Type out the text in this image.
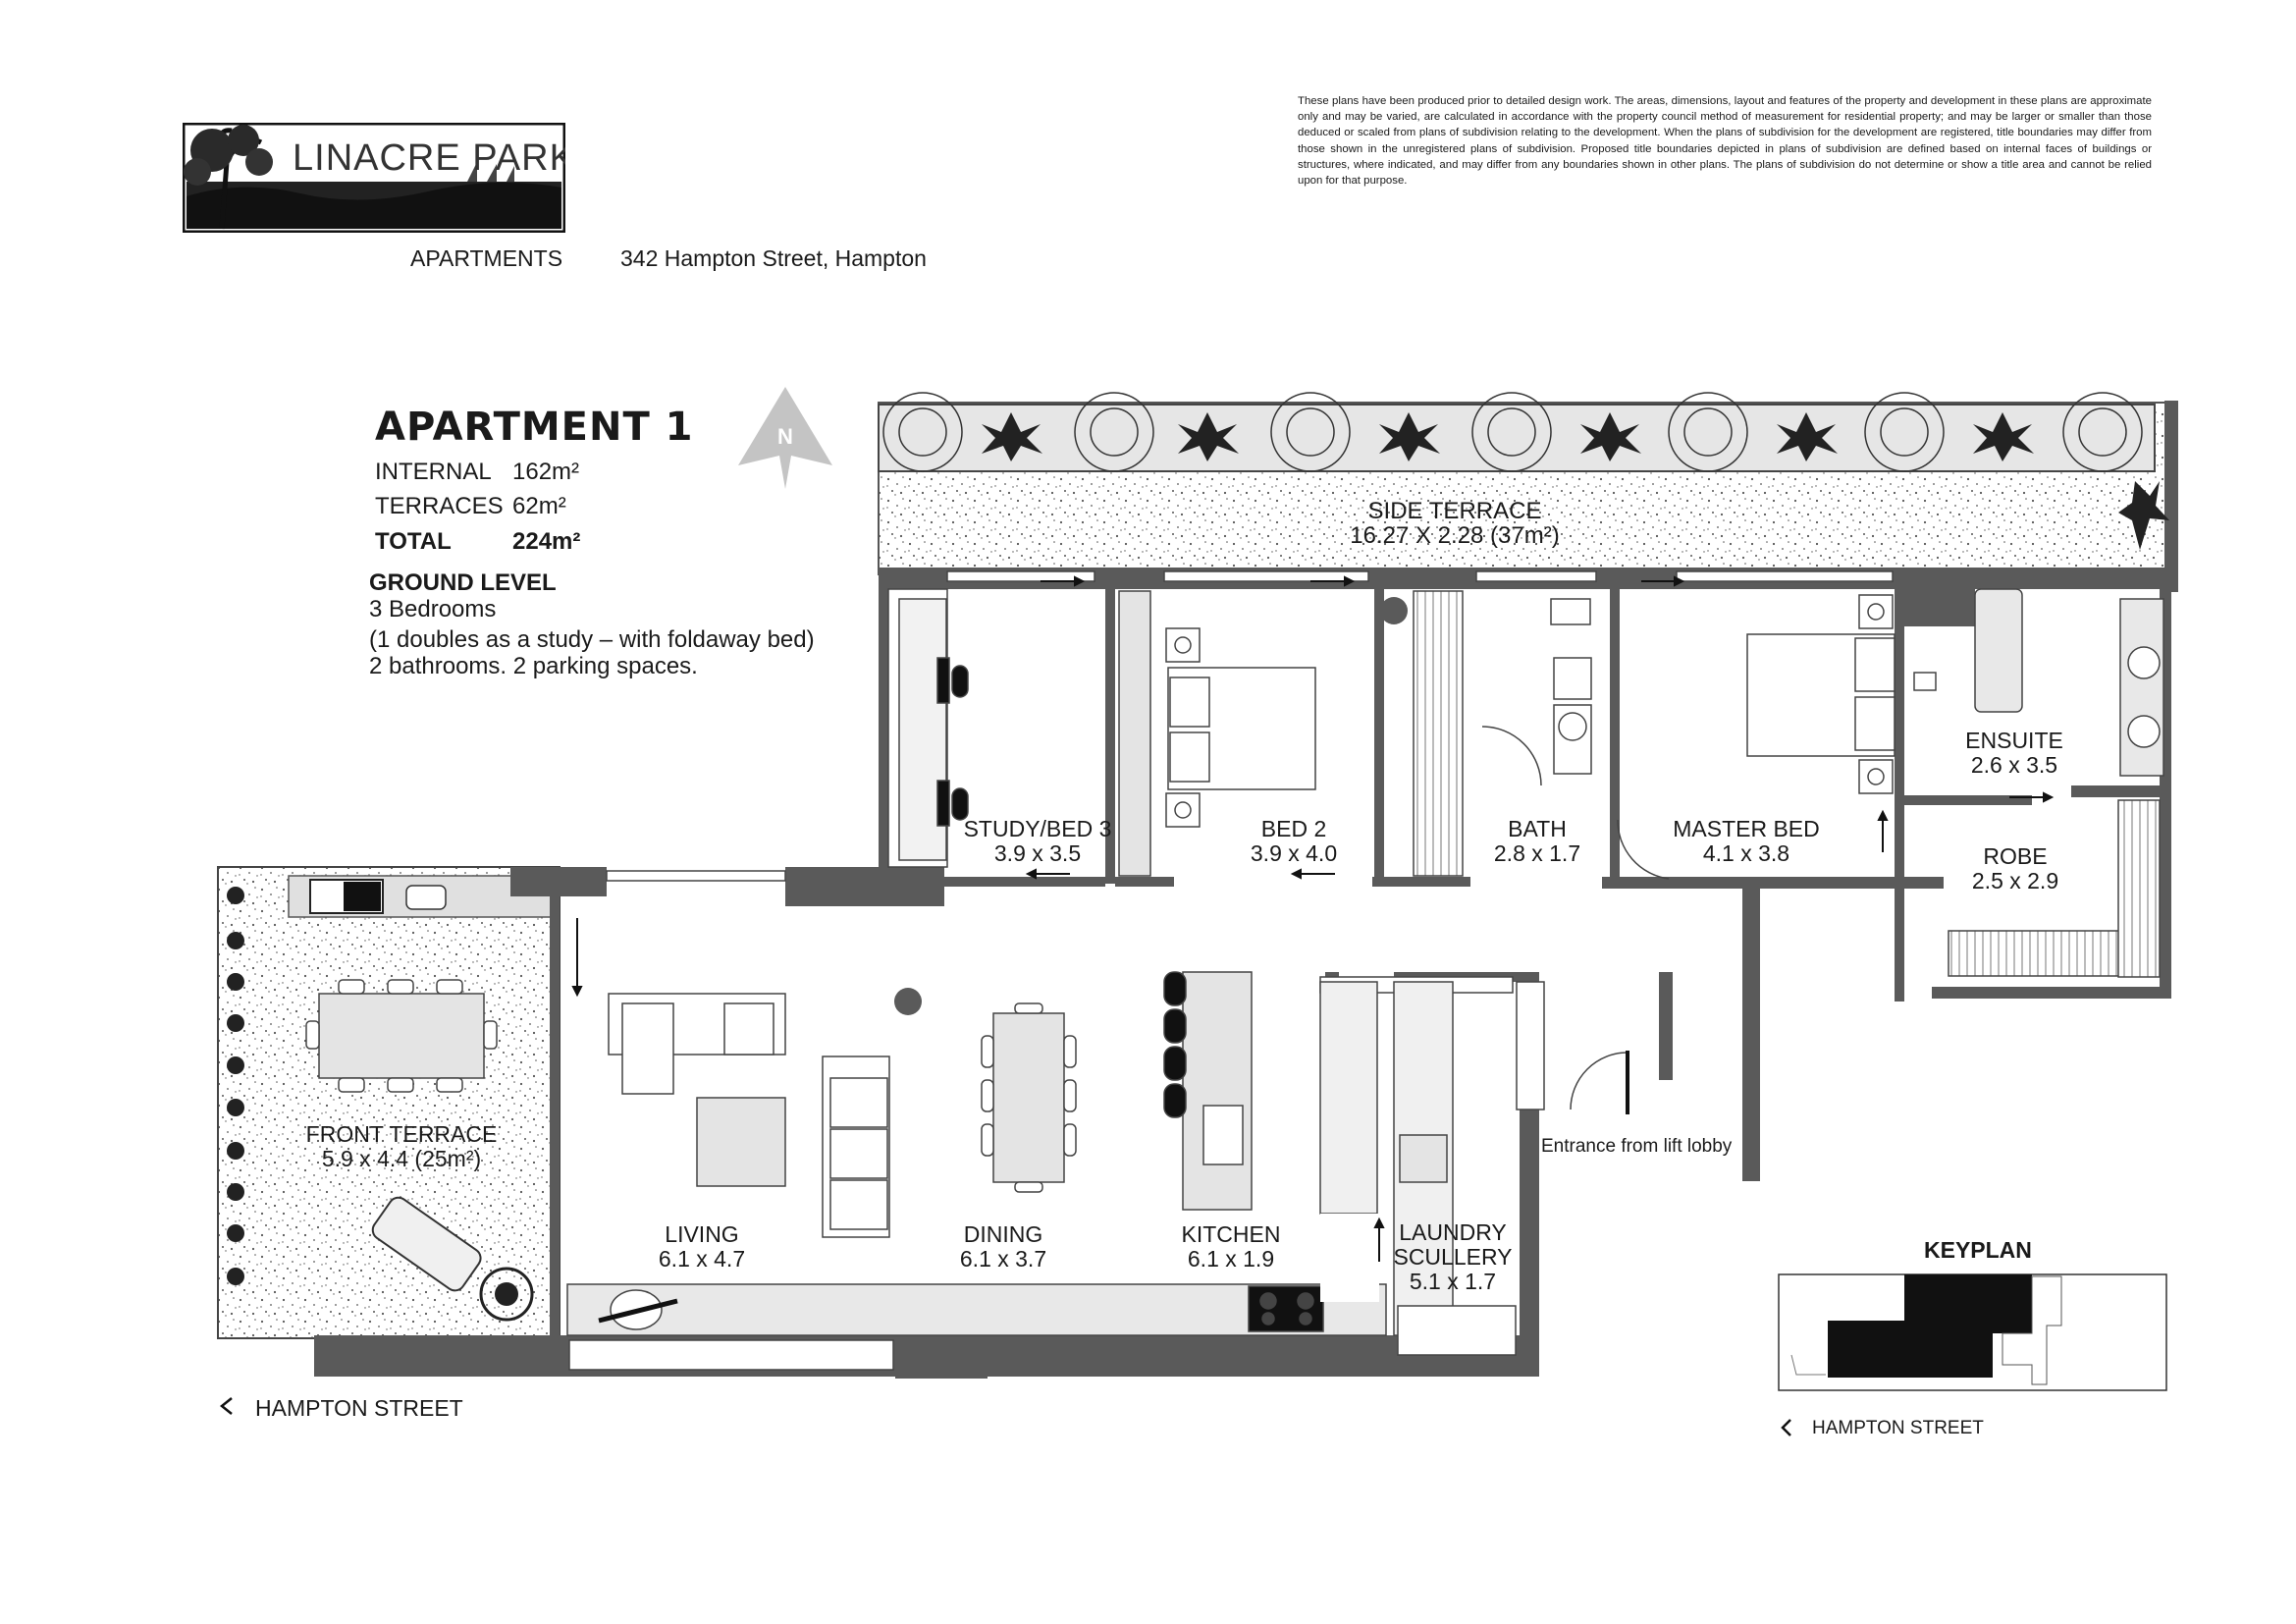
LINACRE PARK
APARTMENTS	342 Hampton Street, Hampton
These plans have been produced prior to detailed design work. The areas, dimensions, layout and features of the property and development in these plans are approximate only and may be varied, are calculated in accordance with the property council method of measurement for residential property; and may be larger or smaller than those deduced or scaled from plans of subdivision relating to the development. When the plans of subdivision for the development are registered, title boundaries may differ from those shown in the unregistered plans of subdivision. Proposed title boundaries depicted in plans of subdivision are defined based on internal faces of buildings or structures, where indicated, and may differ from any boundaries shown in other plans. The plans of subdivision do not determine or show a title area and cannot be relied upon for that purpose.
APARTMENT 1
INTERNAL 162m²
TERRACES 62m²
TOTAL	224m²
GROUND LEVEL
3 Bedrooms
(1 doubles as a study – with foldaway bed)
2 bathrooms. 2 parking spaces.
N
SIDE TERRACE
16.27 X 2.28 (37m²)
STUDY/BED 3
3.9 x 3.5
BED 2
3.9 x 4.0
BATH
2.8 x 1.7
MASTER BED
4.1 x 3.8
ENSUITE
2.6 x 3.5
ROBE
2.5 x 2.9
FRONT TERRACE
5.9 x 4.4 (25m²)
LIVING
6.1 x 4.7
DINING
6.1 x 3.7
KITCHEN
6.1 x 1.9
LAUNDRY
SCULLERY
5.1 x 1.7
Entrance from lift lobby
HAMPTON STREET
KEYPLAN
HAMPTON STREET
